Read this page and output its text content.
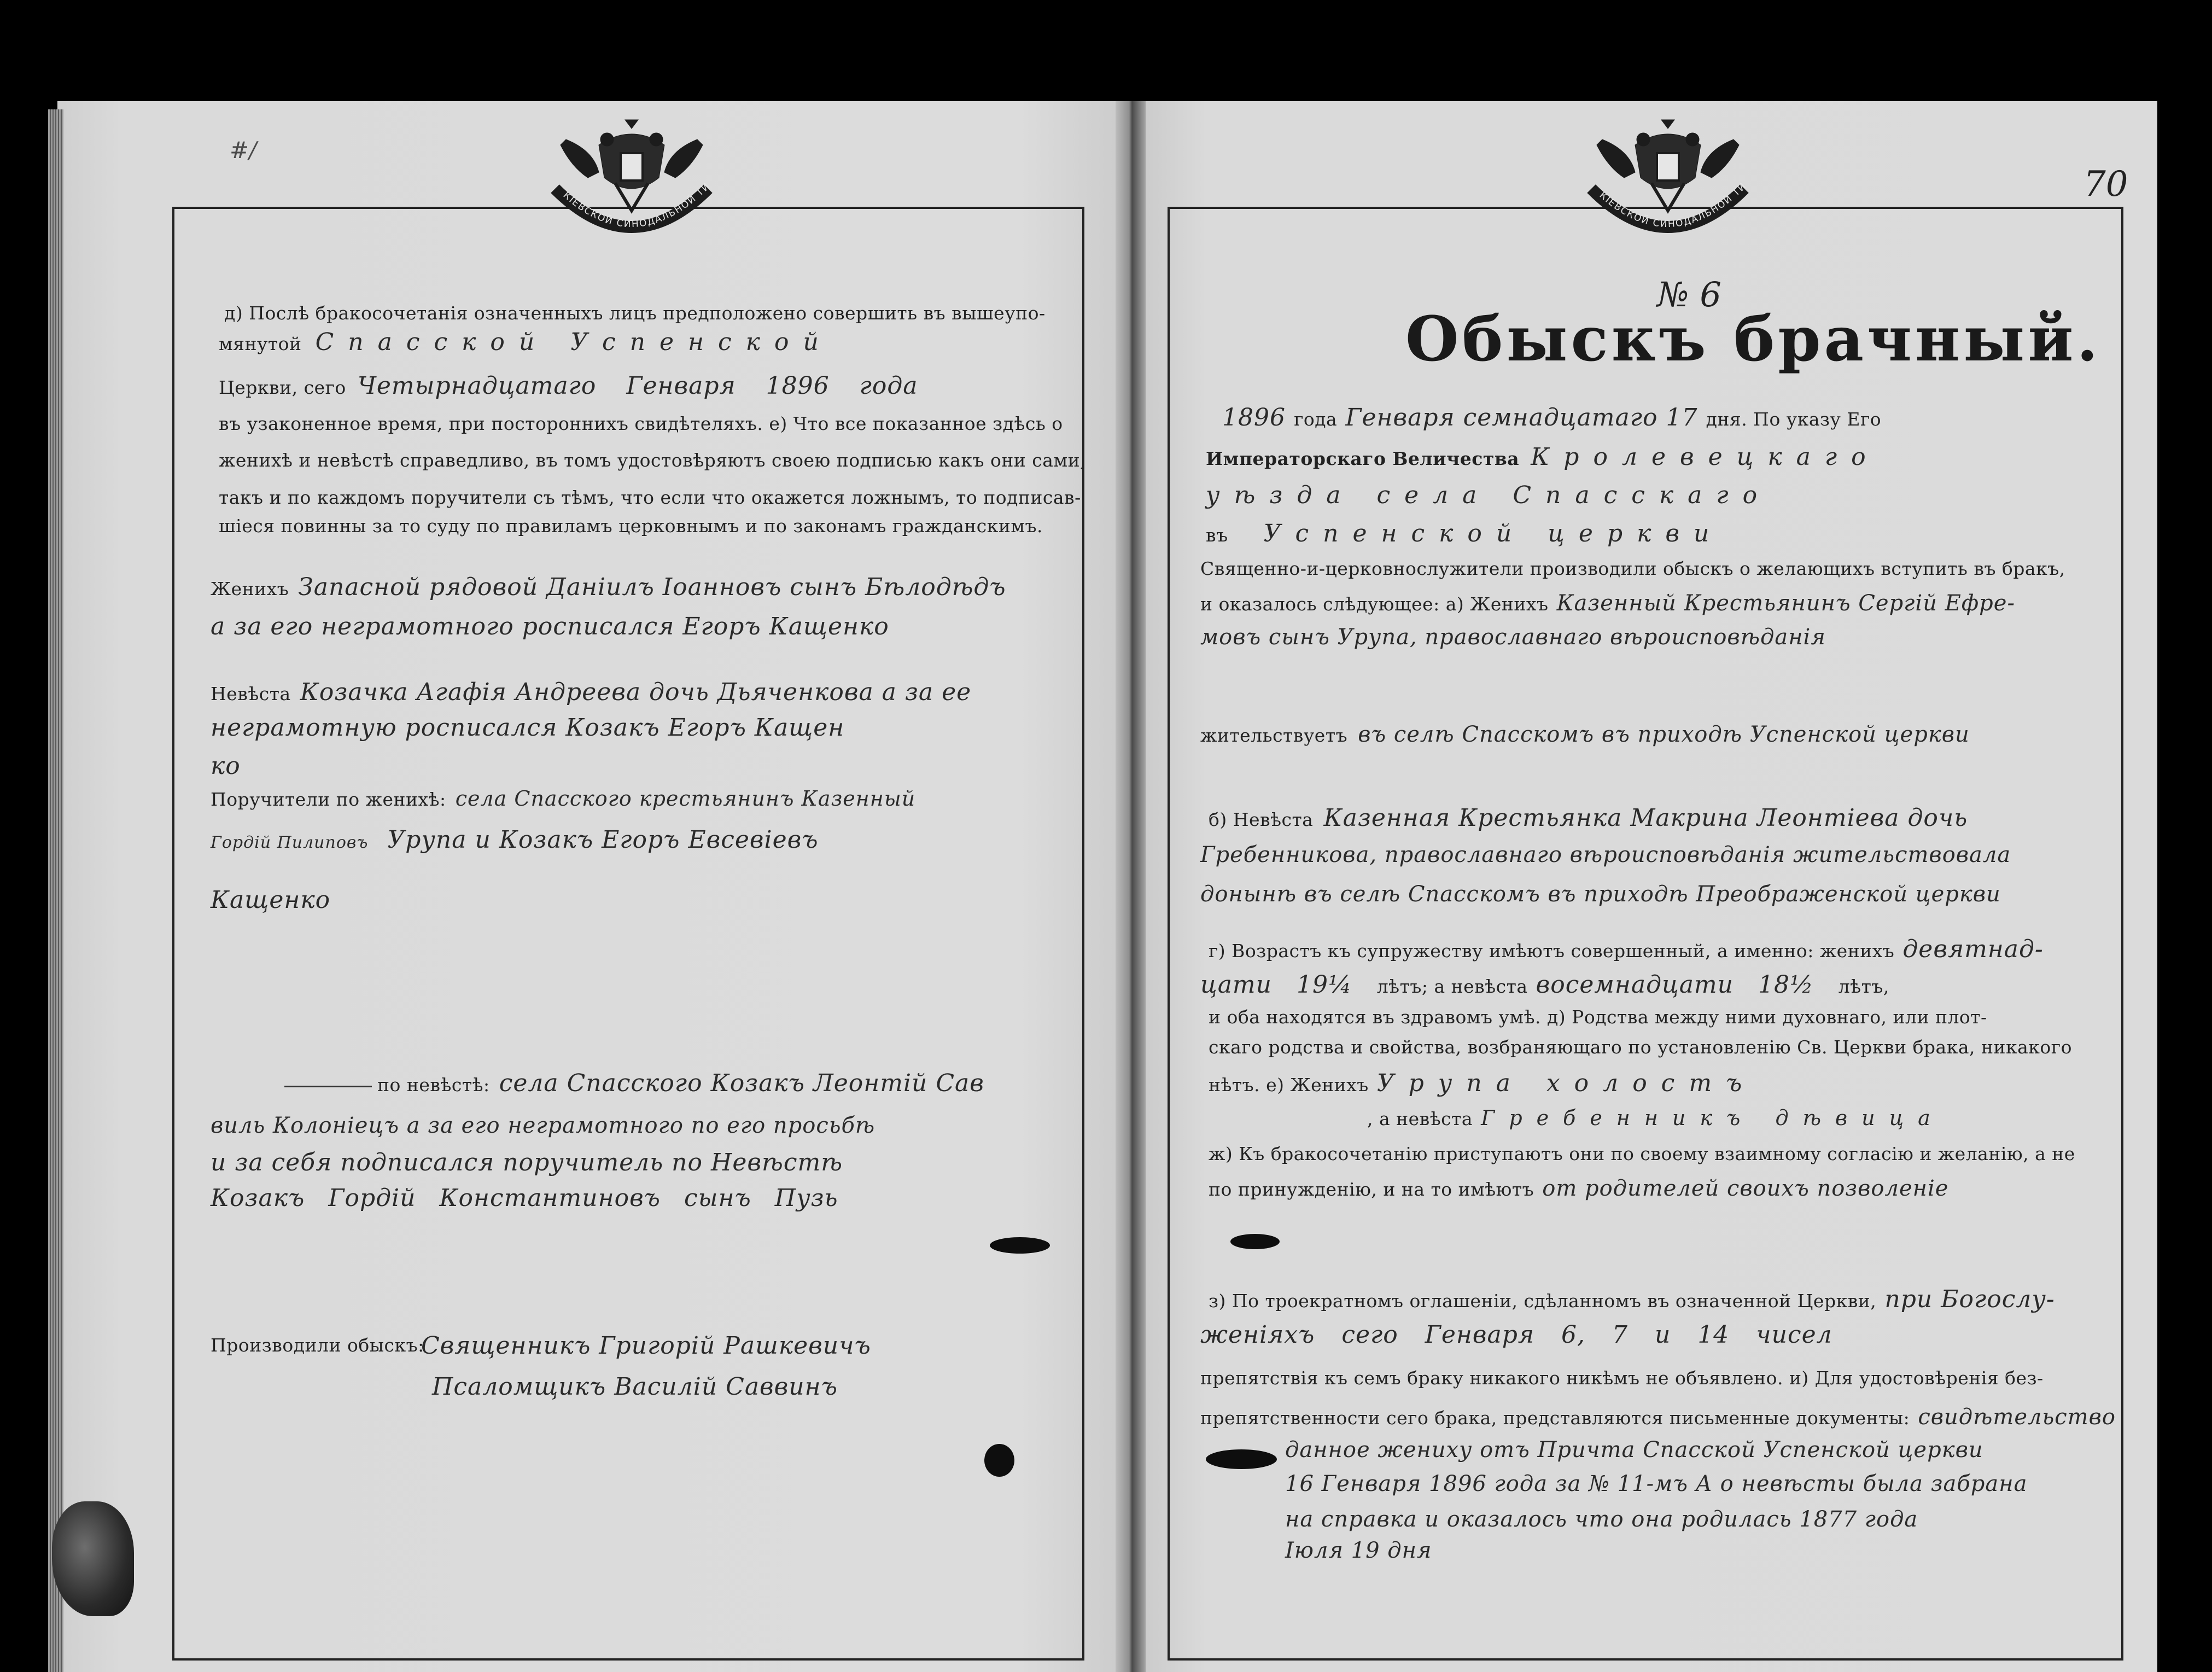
#/
КІЕВСКОЙ СИНОДАЛЬНОЙ ТИ
д) Послѣ бракосочетанія означенныхъ лицъ предположено совершить въ вышеупо-
мянутой Спасской Успенской
Церкви, сего Четырнадцатаго Генваря 1896 года
въ узаконенное время, при постороннихъ свидѣтеляхъ. е) Что все показанное здѣсь о
женихѣ и невѣстѣ справедливо, въ томъ удостовѣряютъ своею подписью какъ они сами,
такъ и по каждомъ поручители съ тѣмъ, что если что окажется ложнымъ, то подписав-
шіеся повинны за то суду по правиламъ церковнымъ и по законамъ гражданскимъ.
Женихъ Запасной рядовой Даніилъ Іоанновъ сынъ Бѣлодѣдъ
а за его неграмотного росписался Егоръ Кащенко
Невѣста Козачка Агафія Андреева дочь Дьяченкова а за ее
неграмотную росписался Козакъ Егоръ Кащен
ко
Поручители по женихѣ: села Спасского крестьянинъ Казенный
Гордій Пилиповъ Урупа и Козакъ Егоръ Евсевіевъ
Кащенко
по невѣстѣ: села Спасского Козакъ Леонтій Сав
виль Колоніецъ а за его неграмотного по его просьбѣ
и за себя подписался поручитель по Невѣстѣ
Козакъ Гордій Константиновъ сынъ Пузь
Производили обыскъ:
Священникъ Григорій Рашкевичъ
Псаломщикъ Василій Саввинъ
70
КІЕВСКОЙ СИНОДАЛЬНОЙ ТИ
№ 6
Обыскъ брачный.
1896 года Генваря семнадцатаго 17 дня. По указу Его
Императорскаго Величества Кролевецкаго
уѣзда села Спасскаго
въ Успенской церкви
Священно-и-церковнослужители производили обыскъ о желающихъ вступить въ бракъ,
и оказалось слѣдующее: а) Женихъ Казенный Крестьянинъ Сергій Ефре-
мовъ сынъ Урупа, православнаго вѣроисповѣданія
жительствуетъ въ селѣ Спасскомъ въ приходѣ Успенской церкви
б) Невѣста Казенная Крестьянка Макрина Леонтіева дочь
Гребенникова, православнаго вѣроисповѣданія жительствовала
донынѣ въ селѣ Спасскомъ въ приходѣ Преображенской церкви
г) Возрастъ къ супружеству имѣютъ совершенный, а именно: женихъ девятнад-
цати 19¼ лѣтъ; а невѣста восемнадцати 18½ лѣтъ,
и оба находятся въ здравомъ умѣ. д) Родства между ними духовнаго, или плот-
скаго родства и свойства, возбраняющаго по установленію Св. Церкви брака, никакого
нѣтъ. е) Женихъ Урупа холостъ
, а невѣста Гребенникъ дѣвица
ж) Къ бракосочетанію приступаютъ они по своему взаимному согласію и желанію, а не
по принужденію, и на то имѣютъ от родителей своихъ позволеніе
з) По троекратномъ оглашеніи, сдѣланномъ въ означенной Церкви, при Богослу-
женіяхъ сего Генваря 6, 7 и 14 чисел
препятствія къ семъ браку никакого никѣмъ не объявлено. и) Для удостовѣренія без-
препятственности сего брака, представляются письменные документы: свидѣтельство
данное жениху отъ Причта Спасской Успенской церкви
16 Генваря 1896 года за № 11-мъ А о невѣсты была забрана
на справка и оказалось что она родилась 1877 года
Іюля 19 дня
